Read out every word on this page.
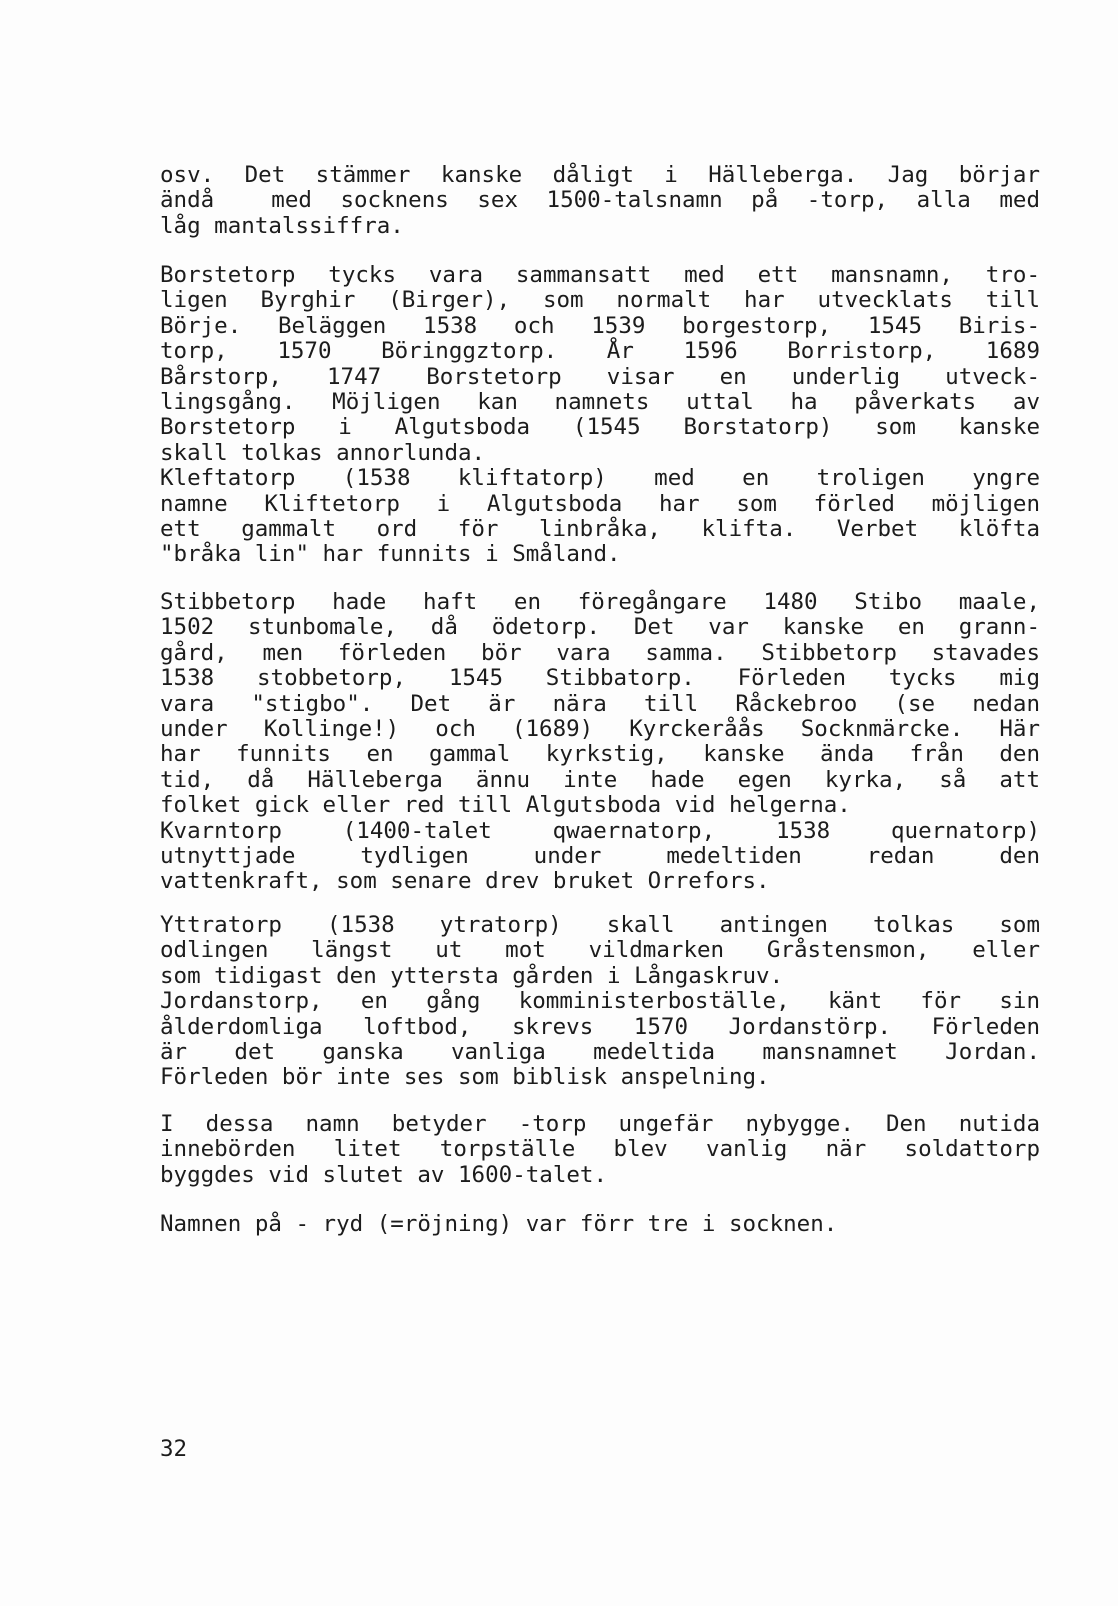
osv. Det stämmer kanske dåligt i Hälleberga. Jag börjar
ändå  med socknens sex 1500-talsnamn på -torp, alla med
låg mantalssiffra.
Borstetorp tycks vara sammansatt med ett mansnamn, tro-
ligen Byrghir (Birger), som normalt har utvecklats till
Börje. Beläggen 1538 och 1539 borgestorp, 1545 Biris-
torp, 1570 Böringgztorp. År 1596 Borristorp, 1689
Bårstorp, 1747 Borstetorp visar en underlig utveck-
lingsgång. Möjligen kan namnets uttal ha påverkats av
Borstetorp i Algutsboda (1545 Borstatorp) som kanske
skall tolkas annorlunda.
Kleftatorp (1538 kliftatorp) med en troligen yngre
namne Kliftetorp i Algutsboda har som förled möjligen
ett gammalt ord för linbråka, klifta. Verbet klöfta
"bråka lin" har funnits i Småland.
Stibbetorp hade haft en föregångare 1480 Stibo maale,
1502 stunbomale, då ödetorp. Det var kanske en grann-
gård, men förleden bör vara samma. Stibbetorp stavades
1538 stobbetorp, 1545 Stibbatorp. Förleden tycks mig
vara "stigbo". Det är nära till Råckebroo (se nedan
under Kollinge!) och (1689) Kyrckeråås Socknmärcke. Här
har funnits en gammal kyrkstig, kanske ända från den
tid, då Hälleberga ännu inte hade egen kyrka, så att
folket gick eller red till Algutsboda vid helgerna.
Kvarntorp (1400-talet qwaernatorp, 1538 quernatorp)
utnyttjade tydligen under medeltiden redan den
vattenkraft, som senare drev bruket Orrefors.
Yttratorp (1538 ytratorp) skall antingen tolkas som
odlingen längst ut mot vildmarken Gråstensmon, eller
som tidigast den yttersta gården i Långaskruv.
Jordanstorp, en gång komministerboställe, känt för sin
ålderdomliga loftbod, skrevs 1570 Jordanstörp. Förleden
är det ganska vanliga medeltida mansnamnet Jordan.
Förleden bör inte ses som biblisk anspelning.
I dessa namn betyder -torp ungefär nybygge. Den nutida
innebörden litet torpställe blev vanlig när soldattorp
byggdes vid slutet av 1600-talet.
Namnen på - ryd (=röjning) var förr tre i socknen.
32
